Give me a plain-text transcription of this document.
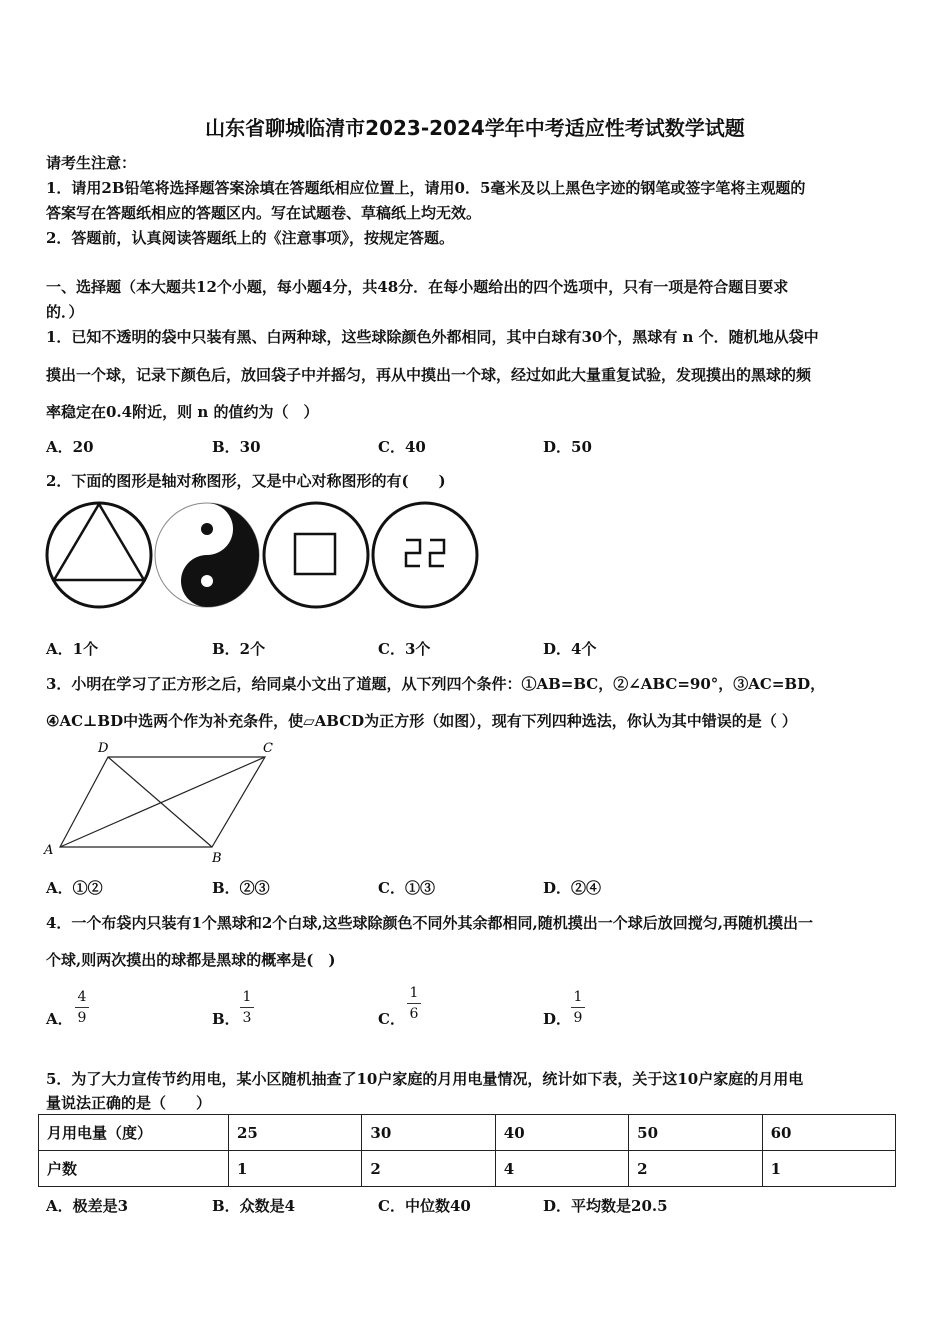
山东省聊城临清市2023-2024学年中考适应性考试数学试题
请考生注意：
1．请用2B铅笔将选择题答案涂填在答题纸相应位置上，请用0．5毫米及以上黑色字迹的钢笔或签字笔将主观题的
答案写在答题纸相应的答题区内。写在试题卷、草稿纸上均无效。
2．答题前，认真阅读答题纸上的《注意事项》，按规定答题。
一、选择题（本大题共12个小题，每小题4分，共48分．在每小题给出的四个选项中，只有一项是符合题目要求
的．）
1．已知不透明的袋中只装有黑、白两种球，这些球除颜色外都相同，其中白球有30个，黑球有 n 个．随机地从袋中
摸出一个球，记录下颜色后，放回袋子中并摇匀，再从中摸出一个球，经过如此大量重复试验，发现摸出的黑球的频
率稳定在0.4附近，则 n 的值约为（　）
A．20	B．30	C．40	D．50
2．下面的图形是轴对称图形，又是中心对称图形的有(　　)
A．1个	B．2个	C．3个	D．4个
3．小明在学习了正方形之后，给同桌小文出了道题，从下列四个条件：①AB=BC，②∠ABC=90°，③AC=BD，
④AC⊥BD中选两个作为补充条件，使▱ABCD为正方形（如图），现有下列四种选法，你认为其中错误的是（ ）
A
B
C
D
A．①②	B．②③	C．①③	D．②④
4．一个布袋内只装有1个黑球和2个白球,这些球除颜色不同外其余都相同,随机摸出一个球后放回搅匀,再随机摸出一
个球,则两次摸出的球都是黑球的概率是(　)
A．
4
9	B．
1
3	C．
1
6	D．
1
9
5．为了大力宣传节约用电，某小区随机抽查了10户家庭的月用电量情况，统计如下表，关于这10户家庭的月用电
量说法正确的是（　　）
月用电量（度）	25	30	40	50	60
户数	1	2	4	2	1
A．极差是3	B．众数是4	C．中位数40	D．平均数是20.5
